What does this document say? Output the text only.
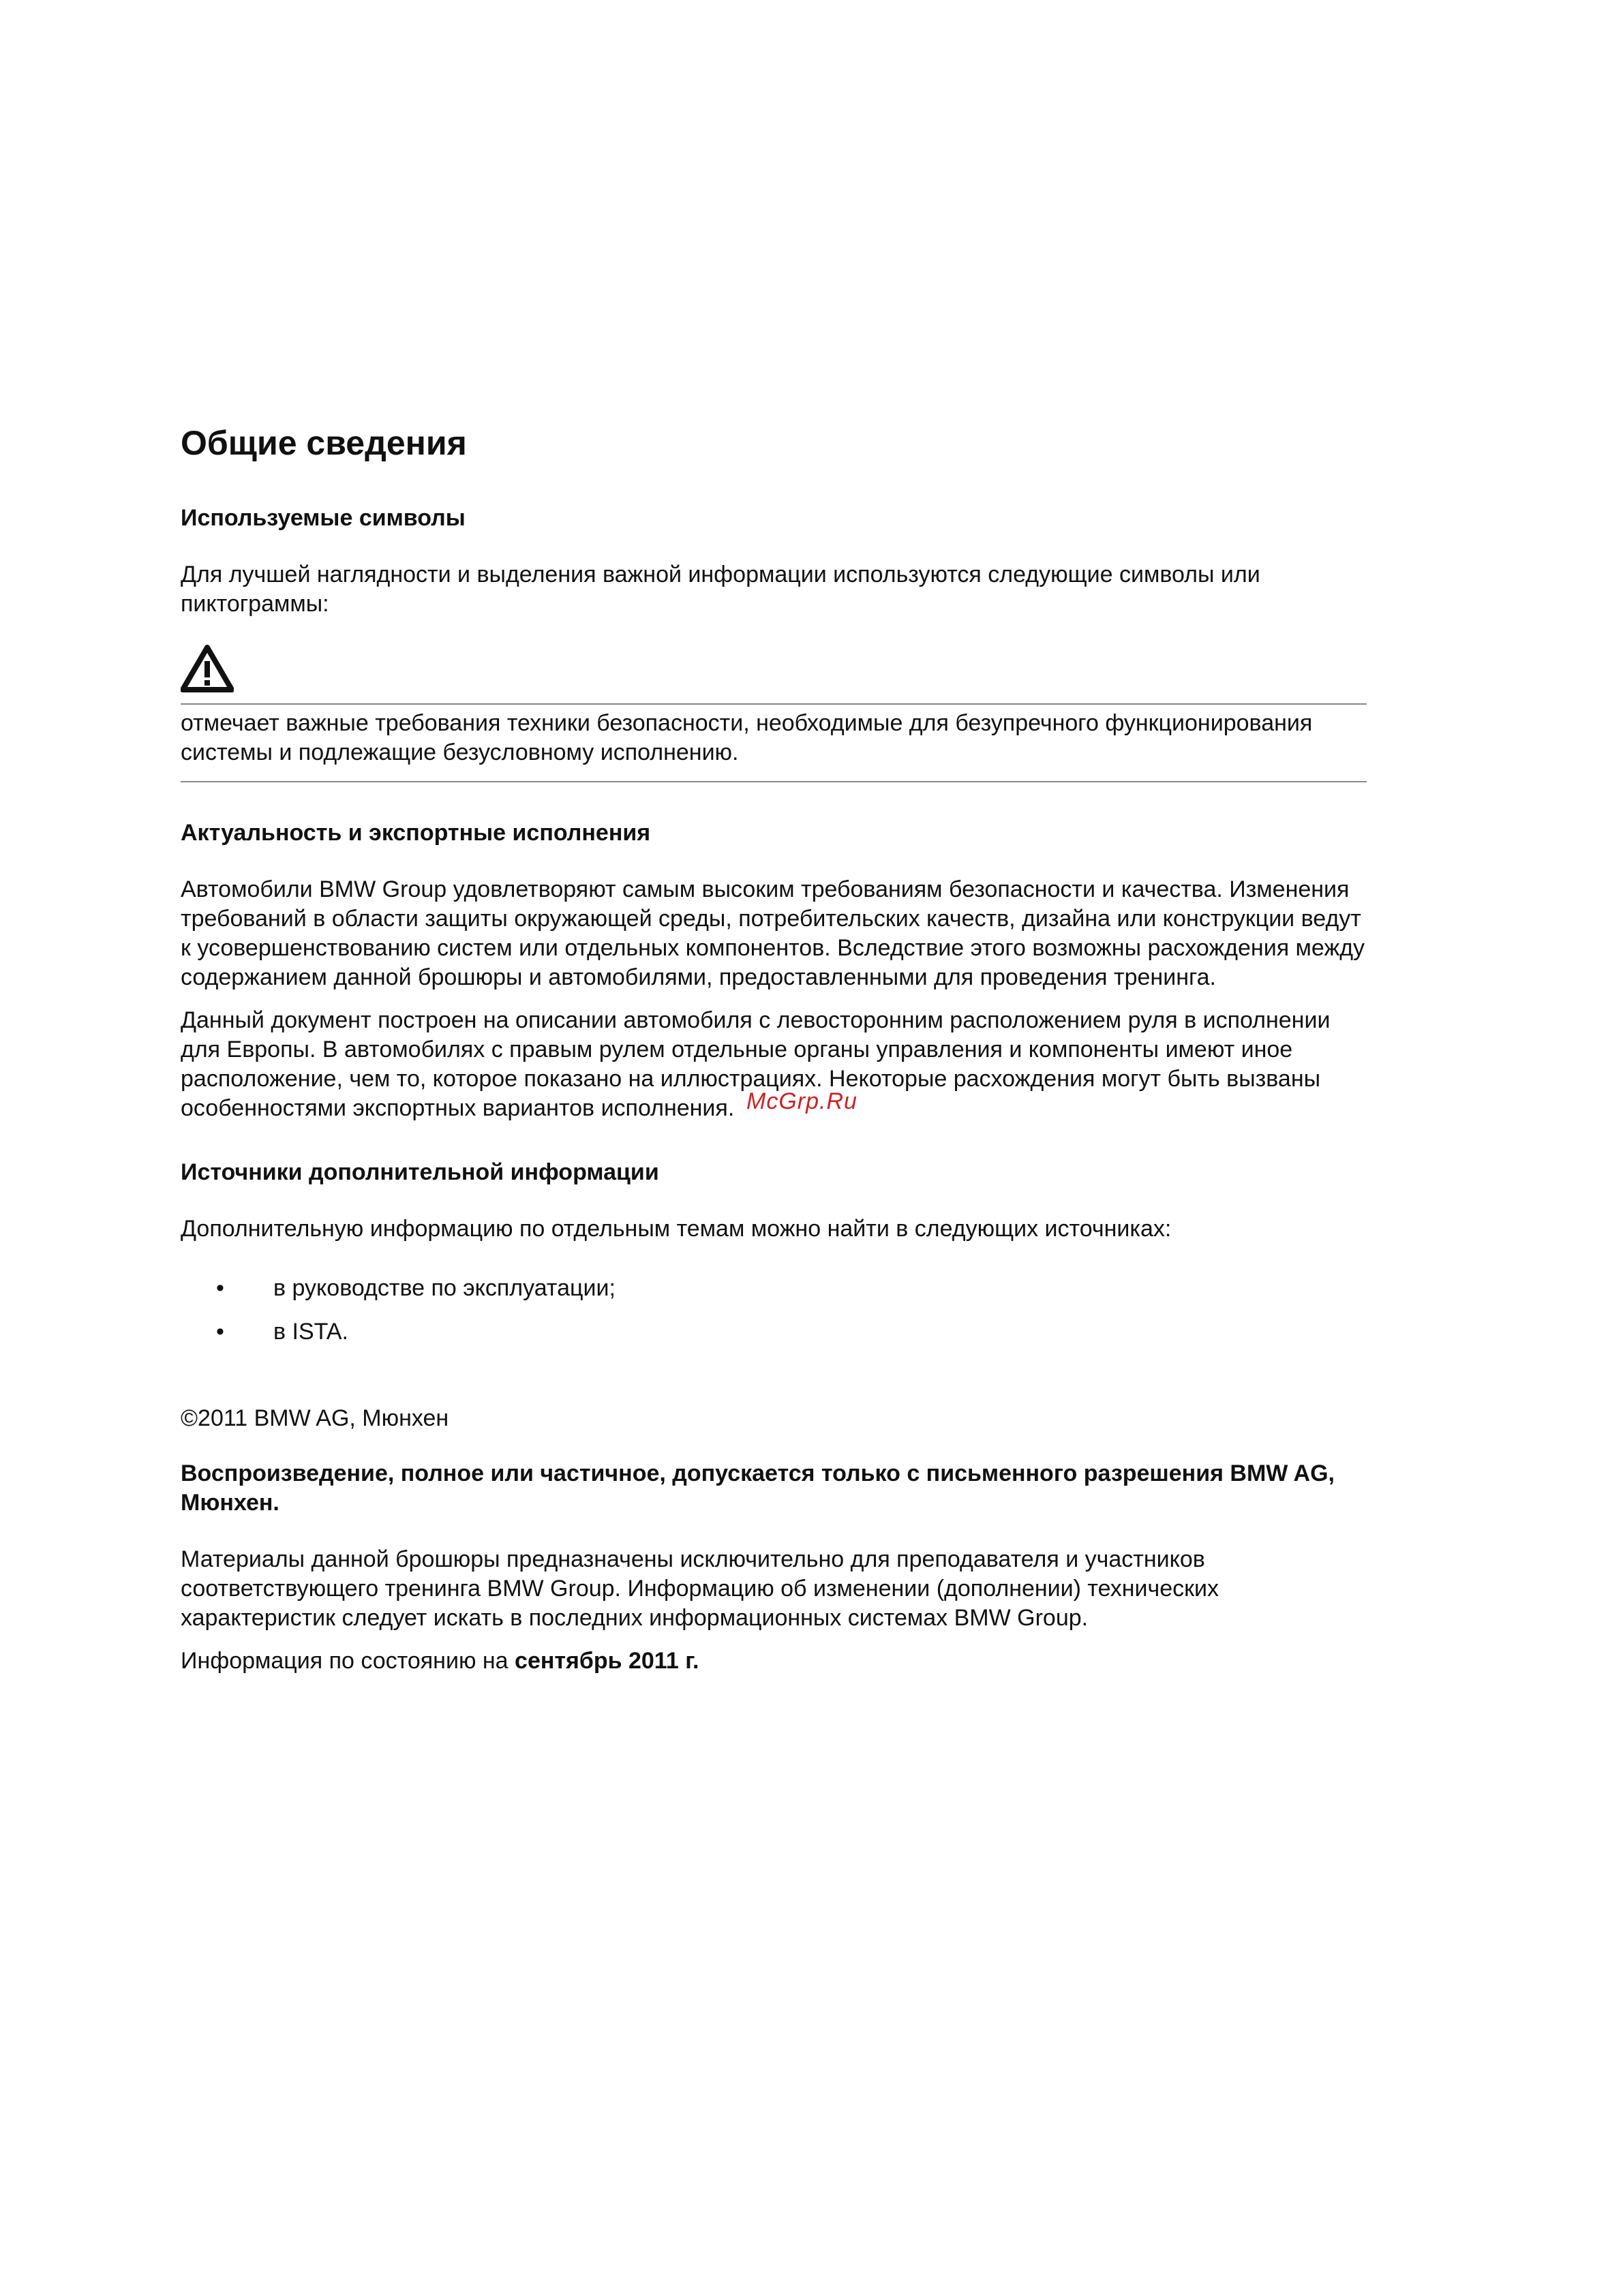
Общие сведения
Используемые символы

Для лучшей наглядности и выделения важной информации используются следующие символы или пиктограммы:

отмечает важные требования техники безопасности, необходимые для безупречного функционирования системы и подлежащие безусловному исполнению.

Актуальность и экспортные исполнения

Автомобили BMW Group удовлетворяют самым высоким требованиям безопасности и качества. Изменения требований в области защиты окружающей среды, потребительских качеств, дизайна или конструкции ведут к усовершенствованию систем или отдельных компонентов. Вследствие этого возможны расхождения между содержанием данной брошюры и автомобилями, предоставленными для проведения тренинга.

Данный документ построен на описании автомобиля с левосторонним расположением руля в исполнении для Европы. В автомобилях с правым рулем отдельные органы управления и компоненты имеют иное расположение, чем то, которое показано на иллюстрациях. Некоторые расхождения могут быть вызваны особенностями экспортных вариантов исполнения.

Источники дополнительной информации

Дополнительную информацию по отдельным темам можно найти в следующих источниках:

• в руководстве по эксплуатации;
• в ISTA.

©2011 BMW AG, Мюнхен

Воспроизведение, полное или частичное, допускается только с письменного разрешения BMW AG, Мюнхен.

Материалы данной брошюры предназначены исключительно для преподавателя и участников соответствующего тренинга BMW Group. Информацию об изменении (дополнении) технических характеристик следует искать в последних информационных системах BMW Group.

Информация по состоянию на сентябрь 2011 г.

McGrp.Ru
